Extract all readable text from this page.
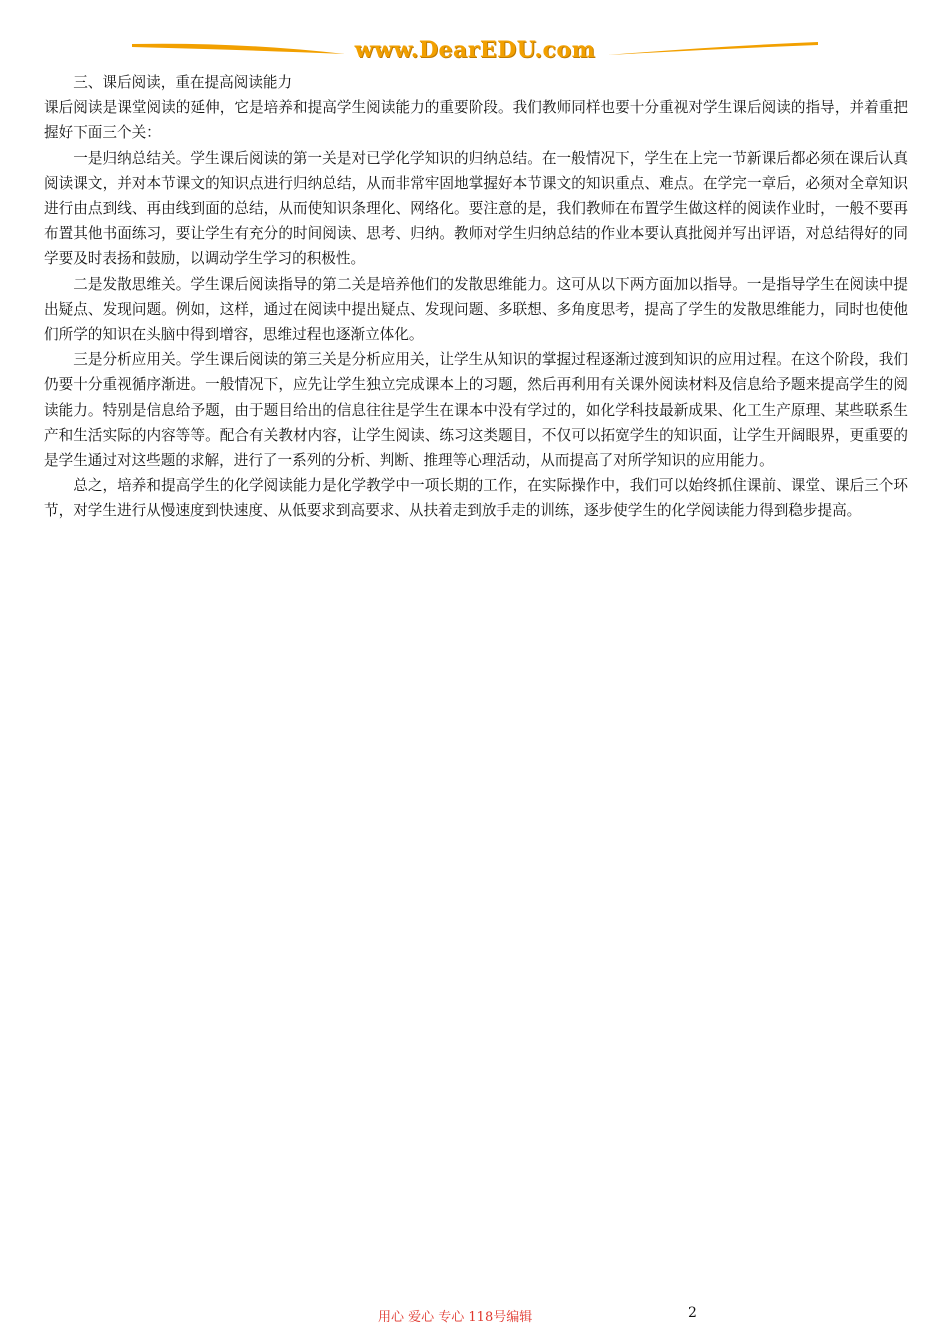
www.DearEDU.com

三、课后阅读，重在提高阅读能力

课后阅读是课堂阅读的延伸，它是培养和提高学生阅读能力的重要阶段。我们教师同样也要十分重视对学生课后阅读的指导，并着重把握好下面三个关：

一是归纳总结关。学生课后阅读的第一关是对已学化学知识的归纳总结。在一般情况下，学生在上完一节新课后都必须在课后认真阅读课文，并对本节课文的知识点进行归纳总结，从而非常牢固地掌握好本节课文的知识重点、难点。在学完一章后，必须对全章知识进行由点到线、再由线到面的总结，从而使知识条理化、网络化。要注意的是，我们教师在布置学生做这样的阅读作业时，一般不要再布置其他书面练习，要让学生有充分的时间阅读、思考、归纳。教师对学生归纳总结的作业本要认真批阅并写出评语，对总结得好的同学要及时表扬和鼓励，以调动学生学习的积极性。

二是发散思维关。学生课后阅读指导的第二关是培养他们的发散思维能力。这可从以下两方面加以指导。一是指导学生在阅读中提出疑点、发现问题。例如，这样，通过在阅读中提出疑点、发现问题、多联想、多角度思考，提高了学生的发散思维能力，同时也使他们所学的知识在头脑中得到增容，思维过程也逐渐立体化。

三是分析应用关。学生课后阅读的第三关是分析应用关，让学生从知识的掌握过程逐渐过渡到知识的应用过程。在这个阶段，我们仍要十分重视循序渐进。一般情况下，应先让学生独立完成课本上的习题，然后再利用有关课外阅读材料及信息给予题来提高学生的阅读能力。特别是信息给予题，由于题目给出的信息往往是学生在课本中没有学过的，如化学科技最新成果、化工生产原理、某些联系生产和生活实际的内容等等。配合有关教材内容，让学生阅读、练习这类题目，不仅可以拓宽学生的知识面，让学生开阔眼界，更重要的是学生通过对这些题的求解，进行了一系列的分析、判断、推理等心理活动，从而提高了对所学知识的应用能力。

总之，培养和提高学生的化学阅读能力是化学教学中一项长期的工作，在实际操作中，我们可以始终抓住课前、课堂、课后三个环节，对学生进行从慢速度到快速度、从低要求到高要求、从扶着走到放手走的训练，逐步使学生的化学阅读能力得到稳步提高。

用心 爱心 专心 118号编辑	2
